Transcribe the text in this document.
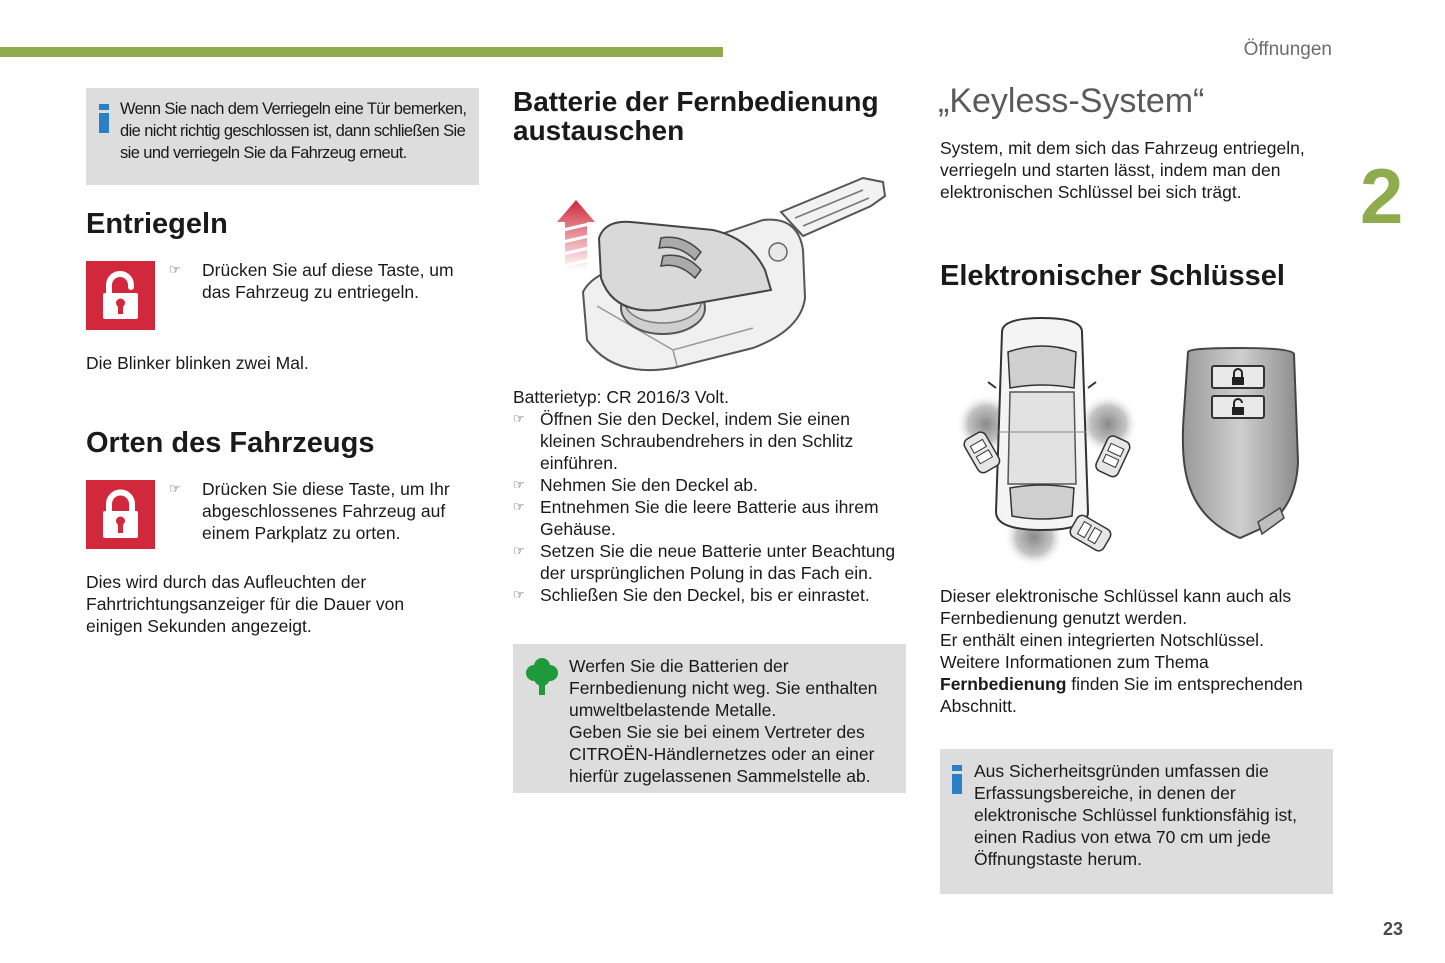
Öffnungen
2
23
Wenn Sie nach dem Verriegeln eine Tür bemerken, die nicht richtig geschlossen ist, dann schließen Sie sie und verriegeln Sie da Fahrzeug erneut.
Entriegeln
☞ Drücken Sie auf diese Taste, um das Fahrzeug zu entriegeln.
Die Blinker blinken zwei Mal.
Orten des Fahrzeugs
☞ Drücken Sie diese Taste, um Ihr abgeschlossenes Fahrzeug auf einem Parkplatz zu orten.
Dies wird durch das Aufleuchten der Fahrtrichtungsanzeiger für die Dauer von einigen Sekunden angezeigt.
Batterie der Fernbedienung
austauschen
Batterietyp: CR 2016/3 Volt.
☞ Öffnen Sie den Deckel, indem Sie einen kleinen Schraubendrehers in den Schlitz einführen.
☞ Nehmen Sie den Deckel ab.
☞ Entnehmen Sie die leere Batterie aus ihrem Gehäuse.
☞ Setzen Sie die neue Batterie unter Beachtung der ursprünglichen Polung in das Fach ein.
☞ Schließen Sie den Deckel, bis er einrastet.
Werfen Sie die Batterien der Fernbedienung nicht weg. Sie enthalten umweltbelastende Metalle.
Geben Sie sie bei einem Vertreter des CITROËN-Händlernetzes oder an einer hierfür zugelassenen Sammelstelle ab.
„Keyless-System“
System, mit dem sich das Fahrzeug entriegeln, verriegeln und starten lässt, indem man den elektronischen Schlüssel bei sich trägt.
Elektronischer Schlüssel
Dieser elektronische Schlüssel kann auch als Fernbedienung genutzt werden.
Er enthält einen integrierten Notschlüssel.
Weitere Informationen zum Thema
Fernbedienung finden Sie im entsprechenden Abschnitt.
Aus Sicherheitsgründen umfassen die Erfassungsbereiche, in denen der elektronische Schlüssel funktionsfähig ist, einen Radius von etwa 70 cm um jede Öffnungstaste herum.
